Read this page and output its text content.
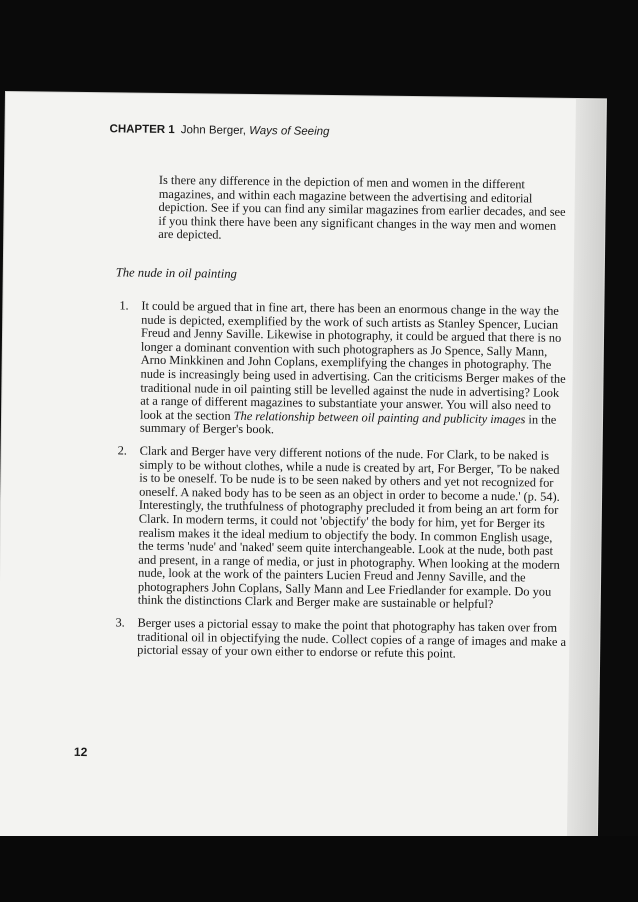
CHAPTER 1 John Berger, Ways of Seeing
Is there any difference in the depiction of men and women in the different magazines, and within each magazine between the advertising and editorial depiction. See if you can find any similar magazines from earlier decades, and see if you think there have been any significant changes in the way men and women are depicted.
The nude in oil painting
1. It could be argued that in fine art, there has been an enormous change in the way the nude is depicted, exemplified by the work of such artists as Stanley Spencer, Lucian Freud and Jenny Saville. Likewise in photography, it could be argued that there is no longer a dominant convention with such photographers as Jo Spence, Sally Mann, Arno Minkkinen and John Coplans, exemplifying the changes in photography. The nude is increasingly being used in advertising. Can the criticisms Berger makes of the traditional nude in oil painting still be levelled against the nude in advertising? Look at a range of different magazines to substantiate your answer. You will also need to look at the section The relationship between oil painting and publicity images in the summary of Berger's book.
2. Clark and Berger have very different notions of the nude. For Clark, to be naked is simply to be without clothes, while a nude is created by art, For Berger, 'To be naked is to be oneself. To be nude is to be seen naked by others and yet not recognized for oneself. A naked body has to be seen as an object in order to become a nude.' (p. 54). Interestingly, the truthfulness of photography precluded it from being an art form for Clark. In modern terms, it could not 'objectify' the body for him, yet for Berger its realism makes it the ideal medium to objectify the body. In common English usage, the terms 'nude' and 'naked' seem quite interchangeable. Look at the nude, both past and present, in a range of media, or just in photography. When looking at the modern nude, look at the work of the painters Lucien Freud and Jenny Saville, and the photographers John Coplans, Sally Mann and Lee Friedlander for example. Do you think the distinctions Clark and Berger make are sustainable or helpful?
3. Berger uses a pictorial essay to make the point that photography has taken over from traditional oil in objectifying the nude. Collect copies of a range of images and make a pictorial essay of your own either to endorse or refute this point.
12
